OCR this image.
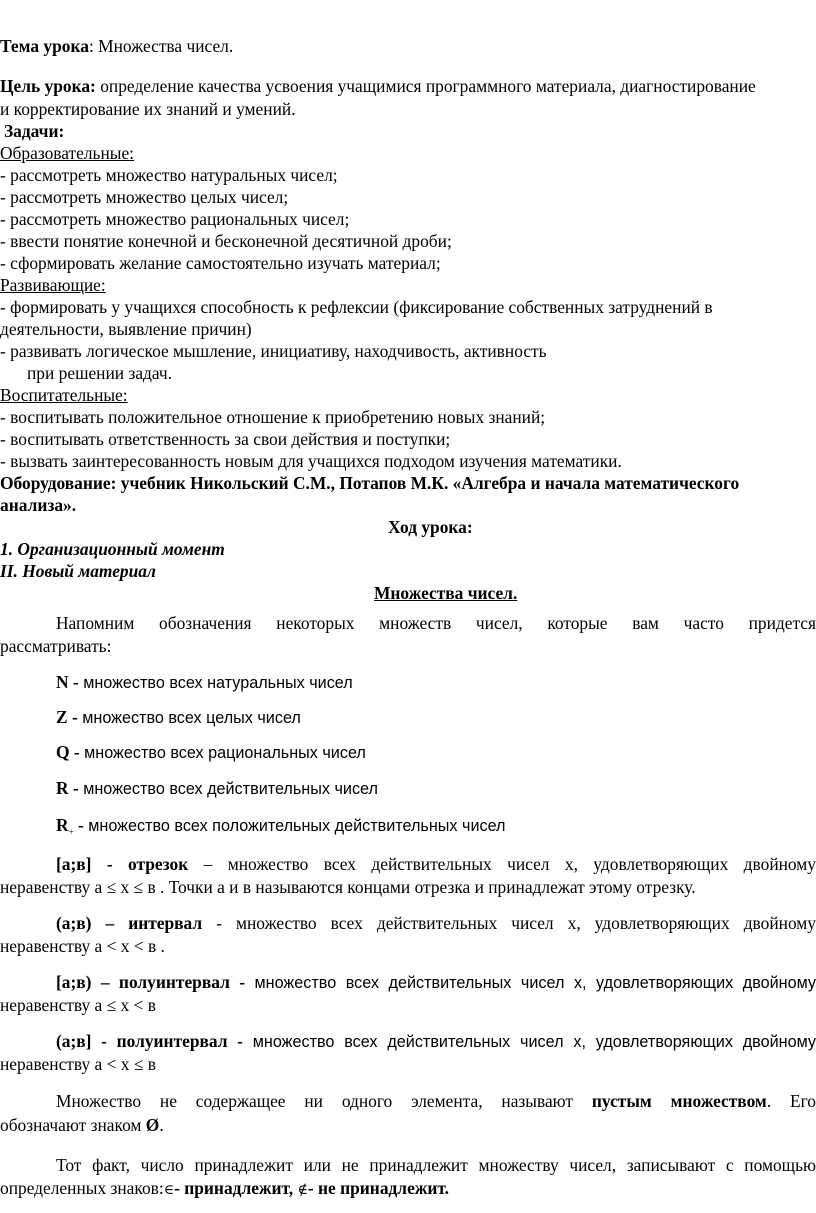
Тема урока: Множества чисел.
Цель урока: определение качества усвоения учащимися программного материала, диагностирование
и корректирование их знаний и умений.
Задачи:
Образовательные:
- рассмотреть множество натуральных чисел;
- рассмотреть множество целых чисел;
- рассмотреть множество рациональных чисел;
- ввести понятие конечной и бесконечной десятичной дроби;
- сформировать желание самостоятельно изучать материал;
Развивающие:
- формировать у учащихся способность к рефлексии (фиксирование собственных затруднений в
деятельности, выявление причин)
- развивать логическое мышление, инициативу, находчивость, активность
при решении задач.
Воспитательные:
- воспитывать положительное отношение к приобретению новых знаний;
- воспитывать ответственность за свои действия и поступки;
- вызвать заинтересованность новым для учащихся подходом изучения математики.
Оборудование: учебник Никольский С.М., Потапов М.К. «Алгебра и начала математического
анализа».
Ход урока:
1. Организационный момент
II. Новый материал
Множества чисел.
Напомним обозначения некоторых множеств чисел, которые вам часто придется
рассматривать:
N - множество всех натуральных чисел
Z - множество всех целых чисел
Q - множество всех рациональных чисел
R - множество всех действительных чисел
$R_+$ - множество всех положительных действительных чисел
[а;в] - отрезок – множество всех действительных чисел х, удовлетворяющих двойному
неравенству а ≤ х ≤ в . Точки а и в называются концами отрезка и принадлежат этому отрезку.
(а;в) – интервал - множество всех действительных чисел х, удовлетворяющих двойному
неравенству а < х < в .
[а;в) – полуинтервал - множество всех действительных чисел х, удовлетворяющих двойному
неравенству а ≤ х < в
(а;в] - полуинтервал - множество всех действительных чисел х, удовлетворяющих двойному
неравенству а < х ≤ в
Множество не содержащее ни одного элемента, называют пустым множеством. Его
обозначают знаком Ø.
Тот факт, число принадлежит или не принадлежит множеству чисел, записывают с помощью
определенных знаков:∈- принадлежит, ∉- не принадлежит.
